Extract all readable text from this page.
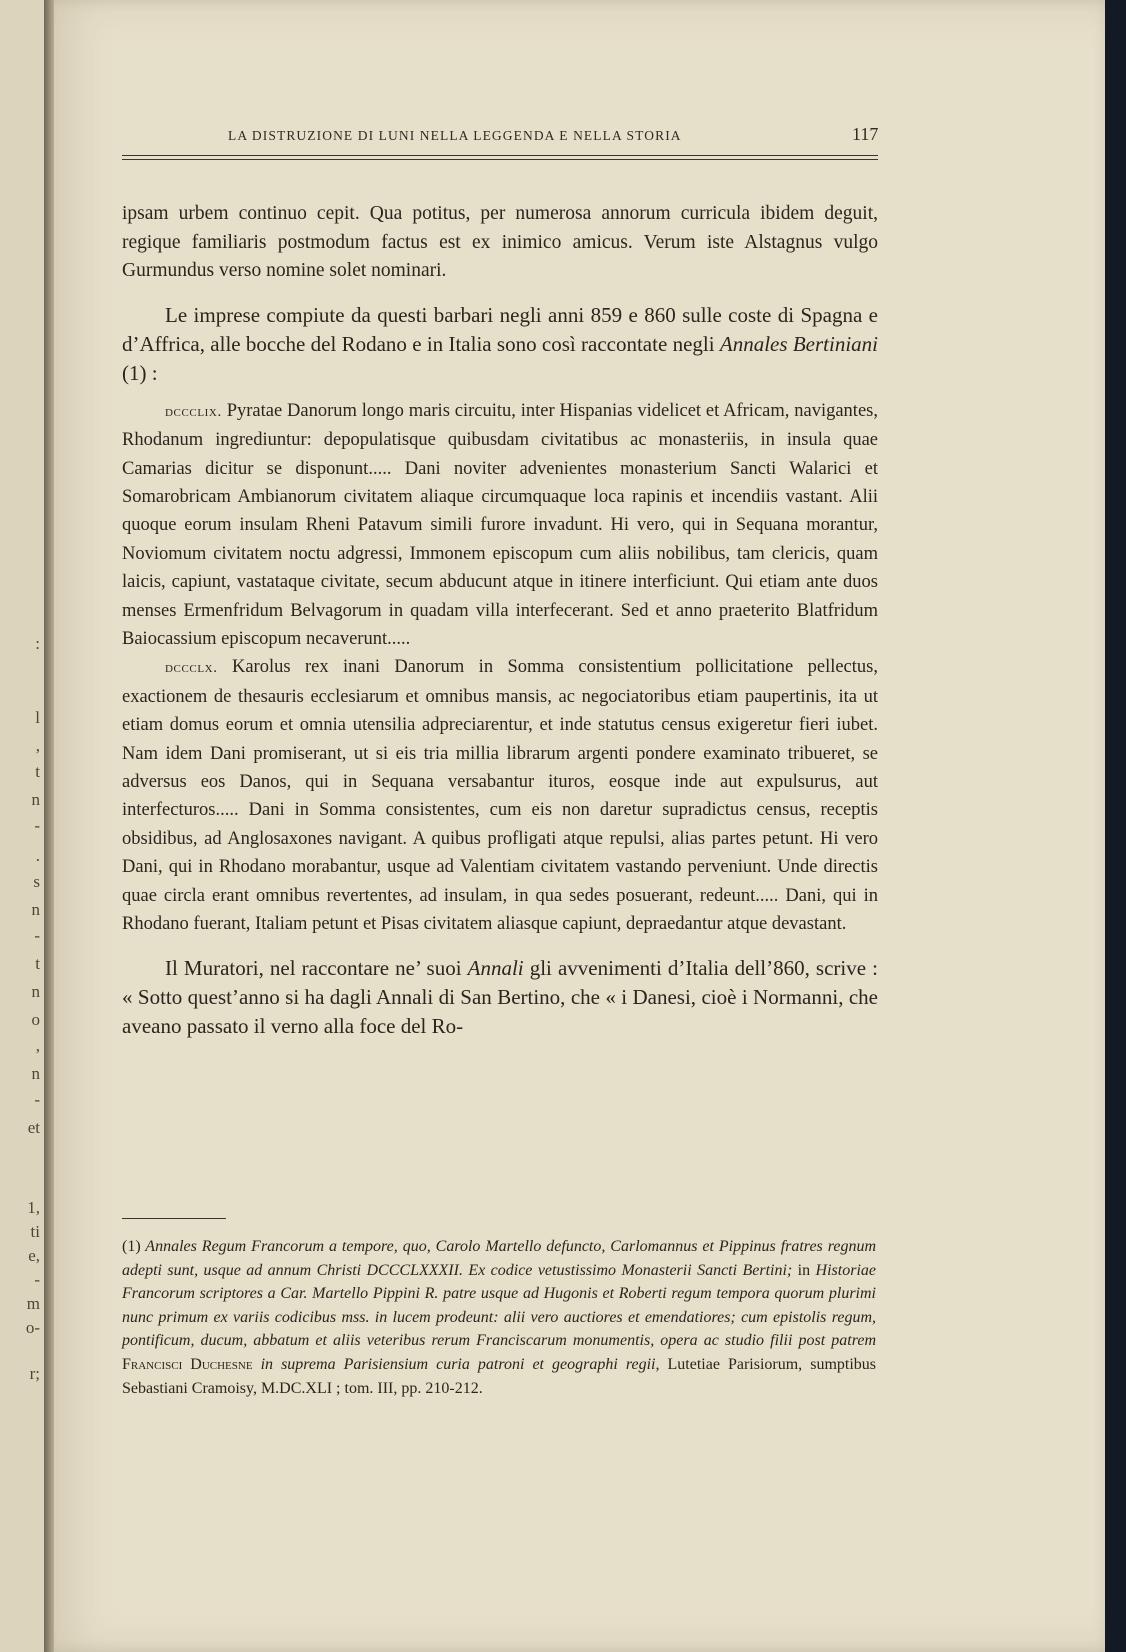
:
l
,
t
n
-
.
s
n
-
t
n
o
,
n
-
et
1,
ti
e,
-
m
o-
r;
LA DISTRUZIONE DI LUNI NELLA LEGGENDA E NELLA STORIA	117

ipsam urbem continuo cepit. Qua potitus, per numerosa annorum curricula ibidem deguit, regique familiaris postmodum factus est ex inimico amicus. Verum iste Alstagnus vulgo Gurmundus verso nomine solet nominari.

Le imprese compiute da questi barbari negli anni 859 e 860 sulle coste di Spagna e d’Affrica, alle bocche del Rodano e in Italia sono così raccontate negli Annales Bertiniani (1) :

dccclix. Pyratae Danorum longo maris circuitu, inter Hispanias videlicet et Africam, navigantes, Rhodanum ingrediuntur: depopulatisque quibusdam civitatibus ac monasteriis, in insula quae Camarias dicitur se disponunt..... Dani noviter advenientes monasterium Sancti Walarici et Somarobricam Ambianorum civitatem aliaque circumquaque loca rapinis et incendiis vastant. Alii quoque eorum insulam Rheni Patavum simili furore invadunt. Hi vero, qui in Sequana morantur, Noviomum civitatem noctu adgressi, Immonem episcopum cum aliis nobilibus, tam clericis, quam laicis, capiunt, vastataque civitate, secum abducunt atque in itinere interficiunt. Qui etiam ante duos menses Ermenfridum Belvagorum in quadam villa interfecerant. Sed et anno praeterito Blatfridum Baiocassium episcopum necaverunt.....

dccclx. Karolus rex inani Danorum in Somma consistentium pollicitatione pellectus, exactionem de thesauris ecclesiarum et omnibus mansis, ac negociatoribus etiam paupertinis, ita ut etiam domus eorum et omnia utensilia adpreciarentur, et inde statutus census exigeretur fieri iubet. Nam idem Dani promiserant, ut si eis tria millia librarum argenti pondere examinato tribueret, se adversus eos Danos, qui in Sequana versabantur ituros, eosque inde aut expulsurus, aut interfecturos..... Dani in Somma consistentes, cum eis non daretur supradictus census, receptis obsidibus, ad Anglosaxones navigant. A quibus profligati atque repulsi, alias partes petunt. Hi vero Dani, qui in Rhodano morabantur, usque ad Valentiam civitatem vastando perveniunt. Unde directis quae circla erant omnibus revertentes, ad insulam, in qua sedes posuerant, redeunt..... Dani, qui in Rhodano fuerant, Italiam petunt et Pisas civitatem aliasque capiunt, depraedantur atque devastant.

Il Muratori, nel raccontare ne’ suoi Annali gli avvenimenti d’Italia dell’860, scrive : « Sotto quest’anno si ha dagli Annali di San Bertino, che « i Danesi, cioè i Normanni, che aveano passato il verno alla foce del Ro-

(1) Annales Regum Francorum a tempore, quo, Carolo Martello defuncto, Carlomannus et Pippinus fratres regnum adepti sunt, usque ad annum Christi DCCCLXXXII. Ex codice vetustissimo Monasterii Sancti Bertini; in Historiae Francorum scriptores a Car. Martello Pippini R. patre usque ad Hugonis et Roberti regum tempora quorum plurimi nunc primum ex variis codicibus mss. in lucem prodeunt: alii vero auctiores et emendatiores; cum epistolis regum, pontificum, ducum, abbatum et aliis veteribus rerum Franciscarum monumentis, opera ac studio filii post patrem Francisci Duchesne in suprema Parisiensium curia patroni et geographi regii, Lutetiae Parisiorum, sumptibus Sebastiani Cramoisy, M.DC.XLI ; tom. III, pp. 210-212.
